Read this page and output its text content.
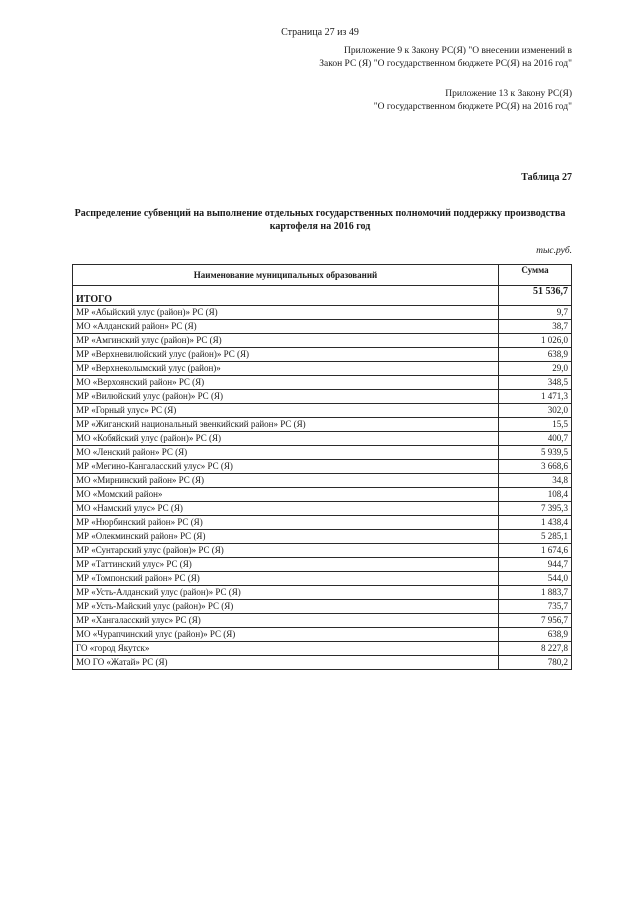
Страница 27 из 49
Приложение 9 к Закону РС(Я) "О внесении изменений в
Закон РС (Я) "О государственном бюджете РС(Я) на 2016 год"
Приложение 13 к Закону РС(Я)
"О государственном бюджете РС(Я) на 2016 год"
Таблица 27
Распределение субвенций на выполнение отдельных государственных полномочий поддержку производства
картофеля на 2016 год
тыс.руб.
Наименование муниципальных образований	Сумма
ИТОГО	51 536,7
МР «Абыйский улус (район)» РС (Я)	9,7
МО «Алданский район» РС (Я)	38,7
МР «Амгинский улус (район)» РС (Я)	1 026,0
МР «Верхневилюйский улус (район)» РС (Я)	638,9
МР «Верхнеколымский улус (район)»	29,0
МО «Верхоянский район» РС (Я)	348,5
МР «Вилюйский улус (район)» РС (Я)	1 471,3
МР «Горный улус» РС (Я)	302,0
МР «Жиганский национальный эвенкийский район» РС (Я)	15,5
МО «Кобяйский улус (район)» РС (Я)	400,7
МО «Ленский район» РС (Я)	5 939,5
МР «Мегино-Кангаласский улус» РС (Я)	3 668,6
МО «Мирнинский район» РС (Я)	34,8
МО «Момский район»	108,4
МО «Намский улус» РС (Я)	7 395,3
МР «Нюрбинский район» РС (Я)	1 438,4
МР «Олекминский район» РС (Я)	5 285,1
МР «Сунтарский улус (район)» РС (Я)	1 674,6
МР «Таттинский улус» РС (Я)	944,7
МР «Томпонский район» РС (Я)	544,0
МР «Усть-Алданский улус (район)» РС (Я)	1 883,7
МР «Усть-Майский улус (район)» РС (Я)	735,7
МР «Хангаласский улус» РС (Я)	7 956,7
МО «Чурапчинский улус (район)» РС (Я)	638,9
ГО «город Якутск»	8 227,8
МО ГО «Жатай» РС (Я)	780,2
